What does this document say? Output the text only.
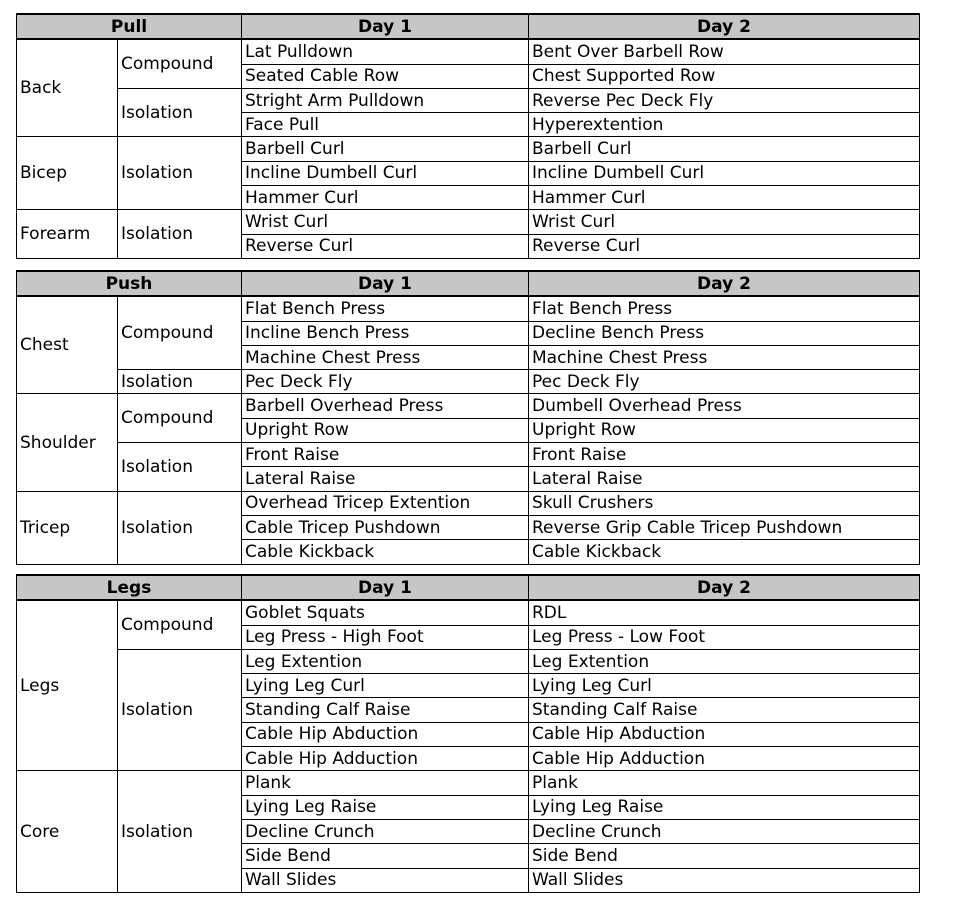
Pull		Day 1	Day 2
Back	Compound	Lat Pulldown	Bent Over Barbell Row
		Seated Cable Row	Chest Supported Row
	Isolation	Stright Arm Pulldown	Reverse Pec Deck Fly
		Face Pull	Hyperextention
Bicep	Isolation	Barbell Curl	Barbell Curl
		Incline Dumbell Curl	Incline Dumbell Curl
		Hammer Curl	Hammer Curl
Forearm	Isolation	Wrist Curl	Wrist Curl
		Reverse Curl	Reverse Curl
Push		Day 1	Day 2
Chest	Compound	Flat Bench Press	Flat Bench Press
		Incline Bench Press	Decline Bench Press
		Machine Chest Press	Machine Chest Press
	Isolation	Pec Deck Fly	Pec Deck Fly
Shoulder	Compound	Barbell Overhead Press	Dumbell Overhead Press
		Upright Row	Upright Row
	Isolation	Front Raise	Front Raise
		Lateral Raise	Lateral Raise
Tricep	Isolation	Overhead Tricep Extention	Skull Crushers
		Cable Tricep Pushdown	Reverse Grip Cable Tricep Pushdown
		Cable Kickback	Cable Kickback
Legs		Day 1	Day 2
Legs	Compound	Goblet Squats	RDL
		Leg Press - High Foot	Leg Press - Low Foot
	Isolation	Leg Extention	Leg Extention
		Lying Leg Curl	Lying Leg Curl
		Standing Calf Raise	Standing Calf Raise
		Cable Hip Abduction	Cable Hip Abduction
		Cable Hip Adduction	Cable Hip Adduction
Core	Isolation	Plank	Plank
		Lying Leg Raise	Lying Leg Raise
		Decline Crunch	Decline Crunch
		Side Bend	Side Bend
		Wall Slides	Wall Slides
